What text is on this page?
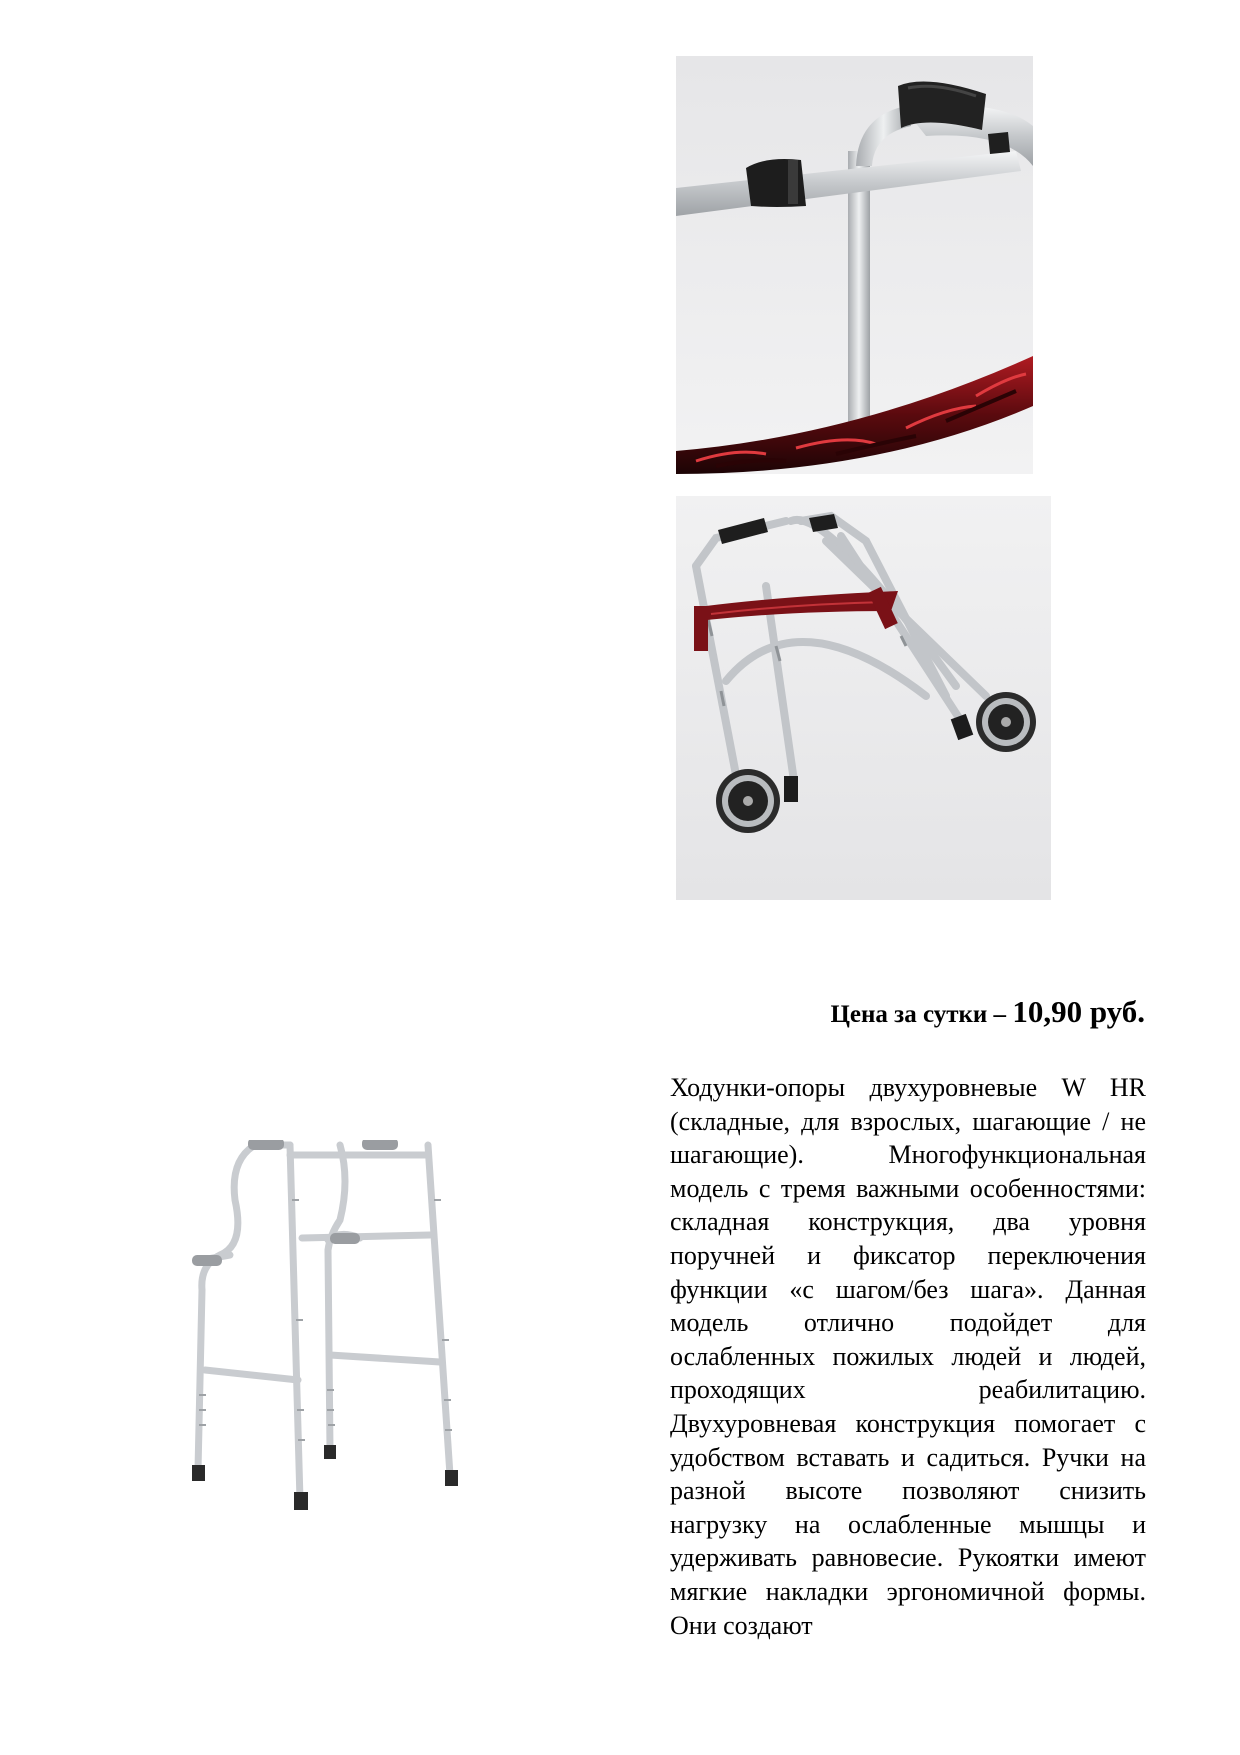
Цена за сутки – 10,90 руб.

Ходунки-опоры двухуровневые W HR (складные, для взрослых, шагающие / не шагающие). Многофункциональная модель с тремя важными особенностями: складная конструкция, два уровня поручней и фиксатор переключения функции «с шагом/без шага». Данная модель отлично подойдет для ослабленных пожилых людей и людей, проходящих реабилитацию. Двухуровневая конструкция помогает с удобством вставать и садиться. Ручки на разной высоте позволяют снизить нагрузку на ослабленные мышцы и удерживать равновесие. Рукоятки имеют мягкие накладки эргономичной формы. Они создают
